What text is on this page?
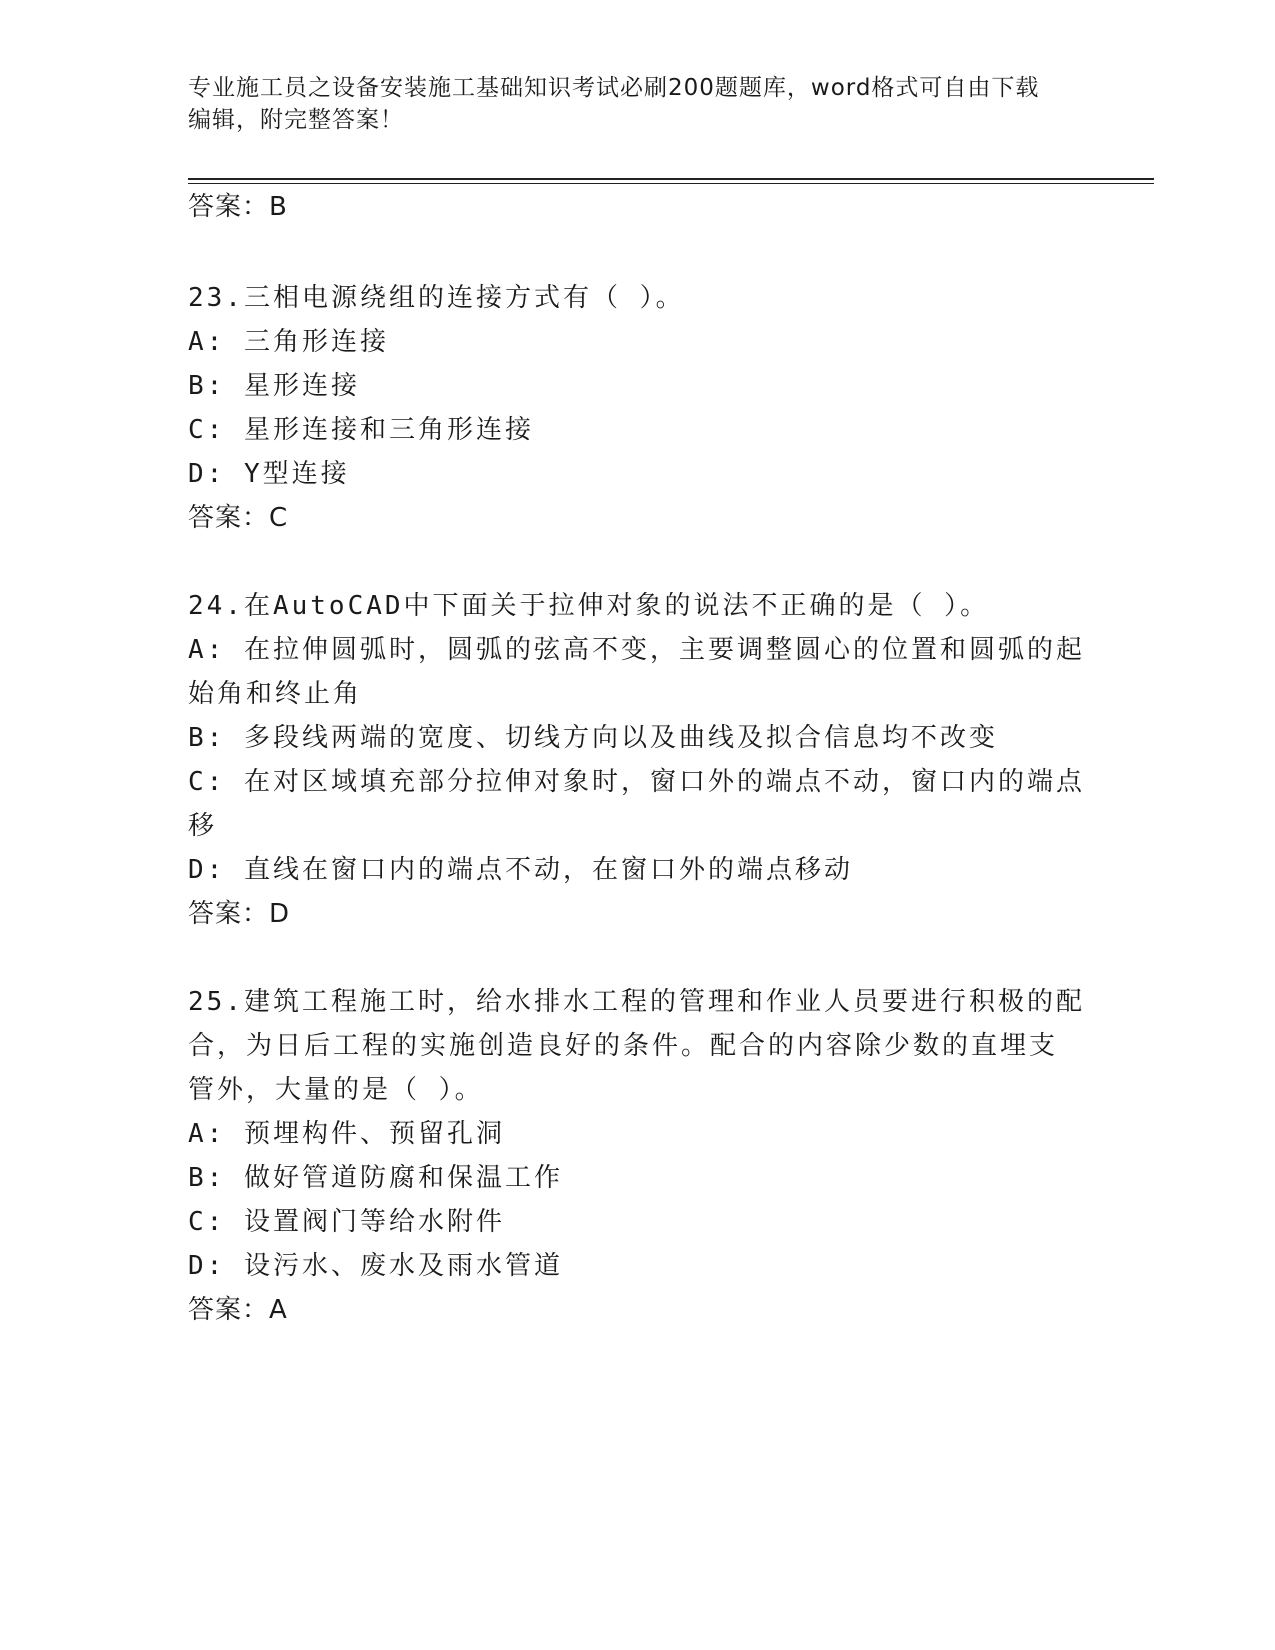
专业施工员之设备安装施工基础知识考试必刷200题题库，word格式可自由下载
编辑，附完整答案！
答案：B
23.三相电源绕组的连接方式有（ ）。
A: 三角形连接
B: 星形连接
C: 星形连接和三角形连接
D: Y型连接
答案：C
24.在AutoCAD中下面关于拉伸对象的说法不正确的是（ ）。
A: 在拉伸圆弧时，圆弧的弦高不变，主要调整圆心的位置和圆弧的起
始角和终止角
B: 多段线两端的宽度、切线方向以及曲线及拟合信息均不改变
C: 在对区域填充部分拉伸对象时，窗口外的端点不动，窗口内的端点
移
D: 直线在窗口内的端点不动，在窗口外的端点移动
答案：D
25.建筑工程施工时，给水排水工程的管理和作业人员要进行积极的配
合，为日后工程的实施创造良好的条件。配合的内容除少数的直埋支
管外，大量的是（ ）。
A: 预埋构件、预留孔洞
B: 做好管道防腐和保温工作
C: 设置阀门等给水附件
D: 设污水、废水及雨水管道
答案：A
